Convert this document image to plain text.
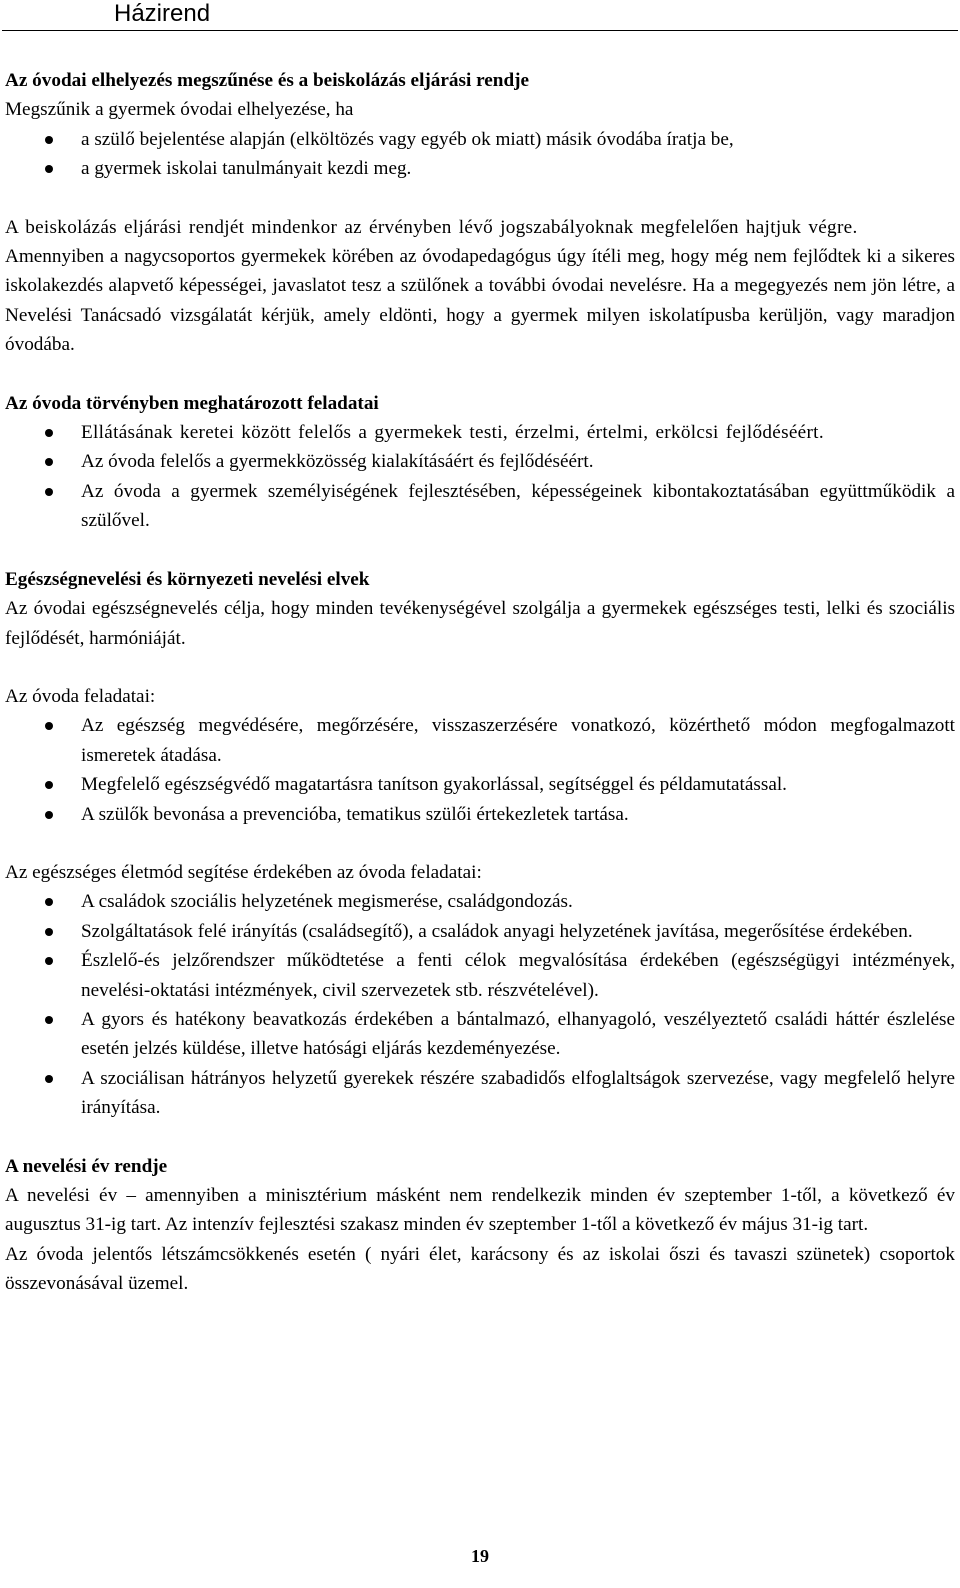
Házirend
Az óvodai elhelyezés megszűnése és a beiskolázás eljárási rendje

Megszűnik a gyermek óvodai elhelyezése, ha

a szülő bejelentése alapján (elköltözés vagy egyéb ok miatt) másik óvodába íratja be,
a gyermek iskolai tanulmányait kezdi meg.

A beiskolázás eljárási rendjét mindenkor az érvényben lévő jogszabályoknak megfelelően hajtjuk végre.

Amennyiben a nagycsoportos gyermekek körében az óvodapedagógus úgy ítéli meg, hogy még nem fejlődtek ki a sikeres iskolakezdés alapvető képességei, javaslatot tesz a szülőnek a további óvodai nevelésre. Ha a megegyezés nem jön létre, a Nevelési Tanácsadó vizsgálatát kérjük, amely eldönti, hogy a gyermek milyen iskolatípusba kerüljön, vagy maradjon óvodába.

Az óvoda törvényben meghatározott feladatai
Ellátásának keretei között felelős a gyermekek testi, érzelmi, értelmi, erkölcsi fejlődéséért.
Az óvoda felelős a gyermekközösség kialakításáért és fejlődéséért.
Az óvoda a gyermek személyiségének fejlesztésében, képességeinek kibontakoztatásában együttműködik a szülővel.
Egészségnevelési és környezeti nevelési elvek

Az óvodai egészségnevelés célja, hogy minden tevékenységével szolgálja a gyermekek egészséges testi, lelki és szociális fejlődését, harmóniáját.

Az óvoda feladatai:

Az egészség megvédésére, megőrzésére, visszaszerzésére vonatkozó, közérthető módon megfogalmazott ismeretek átadása.
Megfelelő egészségvédő magatartásra tanítson gyakorlással, segítséggel és példamutatással.
A szülők bevonása a prevencióba, tematikus szülői értekezletek tartása.

Az egészséges életmód segítése érdekében az óvoda feladatai:

A családok szociális helyzetének megismerése, családgondozás.
Szolgáltatások felé irányítás (családsegítő), a családok anyagi helyzetének javítása, megerősítése érdekében.
Észlelő-és jelzőrendszer működtetése a fenti célok megvalósítása érdekében (egészségügyi intézmények, nevelési-oktatási intézmények, civil szervezetek stb. részvételével).
A gyors és hatékony beavatkozás érdekében a bántalmazó, elhanyagoló, veszélyeztető családi háttér észlelése esetén jelzés küldése, illetve hatósági eljárás kezdeményezése.
A szociálisan hátrányos helyzetű gyerekek részére szabadidős elfoglaltságok szervezése, vagy megfelelő helyre irányítása.
A nevelési év rendje

A nevelési év – amennyiben a minisztérium másként nem rendelkezik minden év szeptember 1-től, a következő év augusztus 31-ig tart. Az intenzív fejlesztési szakasz minden év szeptember 1-től a következő év május 31-ig tart.

Az óvoda jelentős létszámcsökkenés esetén ( nyári élet, karácsony és az iskolai őszi és tavaszi szünetek) csoportok összevonásával üzemel.

19
